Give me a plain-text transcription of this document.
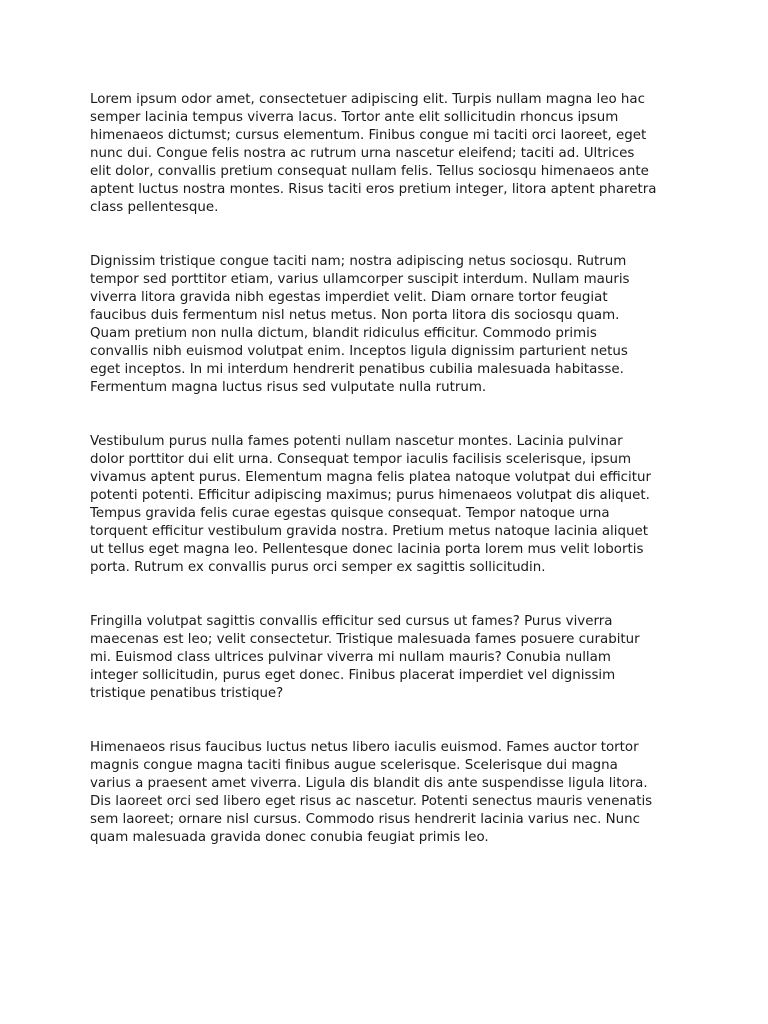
Lorem ipsum odor amet, consectetuer adipiscing elit. Turpis nullam magna leo hac
semper lacinia tempus viverra lacus. Tortor ante elit sollicitudin rhoncus ipsum
himenaeos dictumst; cursus elementum. Finibus congue mi taciti orci laoreet, eget
nunc dui. Congue felis nostra ac rutrum urna nascetur eleifend; taciti ad. Ultrices
elit dolor, convallis pretium consequat nullam felis. Tellus sociosqu himenaeos ante
aptent luctus nostra montes. Risus taciti eros pretium integer, litora aptent pharetra
class pellentesque.

Dignissim tristique congue taciti nam; nostra adipiscing netus sociosqu. Rutrum
tempor sed porttitor etiam, varius ullamcorper suscipit interdum. Nullam mauris
viverra litora gravida nibh egestas imperdiet velit. Diam ornare tortor feugiat
faucibus duis fermentum nisl netus metus. Non porta litora dis sociosqu quam.
Quam pretium non nulla dictum, blandit ridiculus efficitur. Commodo primis
convallis nibh euismod volutpat enim. Inceptos ligula dignissim parturient netus
eget inceptos. In mi interdum hendrerit penatibus cubilia malesuada habitasse.
Fermentum magna luctus risus sed vulputate nulla rutrum.

Vestibulum purus nulla fames potenti nullam nascetur montes. Lacinia pulvinar
dolor porttitor dui elit urna. Consequat tempor iaculis facilisis scelerisque, ipsum
vivamus aptent purus. Elementum magna felis platea natoque volutpat dui efficitur
potenti potenti. Efficitur adipiscing maximus; purus himenaeos volutpat dis aliquet.
Tempus gravida felis curae egestas quisque consequat. Tempor natoque urna
torquent efficitur vestibulum gravida nostra. Pretium metus natoque lacinia aliquet
ut tellus eget magna leo. Pellentesque donec lacinia porta lorem mus velit lobortis
porta. Rutrum ex convallis purus orci semper ex sagittis sollicitudin.

Fringilla volutpat sagittis convallis efficitur sed cursus ut fames? Purus viverra
maecenas est leo; velit consectetur. Tristique malesuada fames posuere curabitur
mi. Euismod class ultrices pulvinar viverra mi nullam mauris? Conubia nullam
integer sollicitudin, purus eget donec. Finibus placerat imperdiet vel dignissim
tristique penatibus tristique?

Himenaeos risus faucibus luctus netus libero iaculis euismod. Fames auctor tortor
magnis congue magna taciti finibus augue scelerisque. Scelerisque dui magna
varius a praesent amet viverra. Ligula dis blandit dis ante suspendisse ligula litora.
Dis laoreet orci sed libero eget risus ac nascetur. Potenti senectus mauris venenatis
sem laoreet; ornare nisl cursus. Commodo risus hendrerit lacinia varius nec. Nunc
quam malesuada gravida donec conubia feugiat primis leo.
